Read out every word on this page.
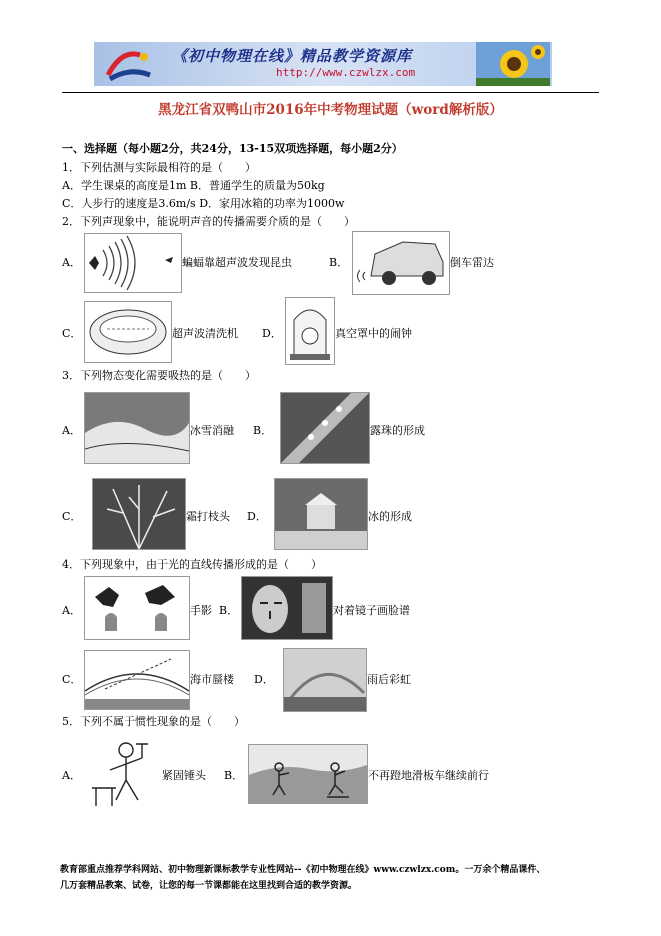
《初中物理在线》精品教学资源库
http://www.czwlzx.com
黑龙江省双鸭山市2016年中考物理试题（word解析版）
一、选择题（每小题2分，共24分，13-15双项选择题，每小题2分）
1．下列估测与实际最相符的是（　　）
A．学生课桌的高度是1m B．普通学生的质量为50kg
C．人步行的速度是3.6m/s D．家用冰箱的功率为1000w
2．下列声现象中，能说明声音的传播需要介质的是（　　）
A．	蝙蝠靠超声波发现昆虫	B．	倒车雷达
C．	超声波清洗机 D．	真空罩中的闹钟
3．下列物态变化需要吸热的是（　　）
A．	冰雪消融 B．	露珠的形成
C．	霜打枝头 D．	冰的形成
4．下列现象中，由于光的直线传播形成的是（　　）
A．	手影 B．	对着镜子画脸谱
C．	海市蜃楼 D．	雨后彩虹
5．下列不属于惯性现象的是（　　）
A．	紧固锤头 B．	不再蹬地滑板车继续前行
教育部重点推荐学科网站、初中物理新课标教学专业性网站--《初中物理在线》www.czwlzx.com。一万余个精品课件、
几万套精品教案、试卷，让您的每一节课都能在这里找到合适的教学资源。
